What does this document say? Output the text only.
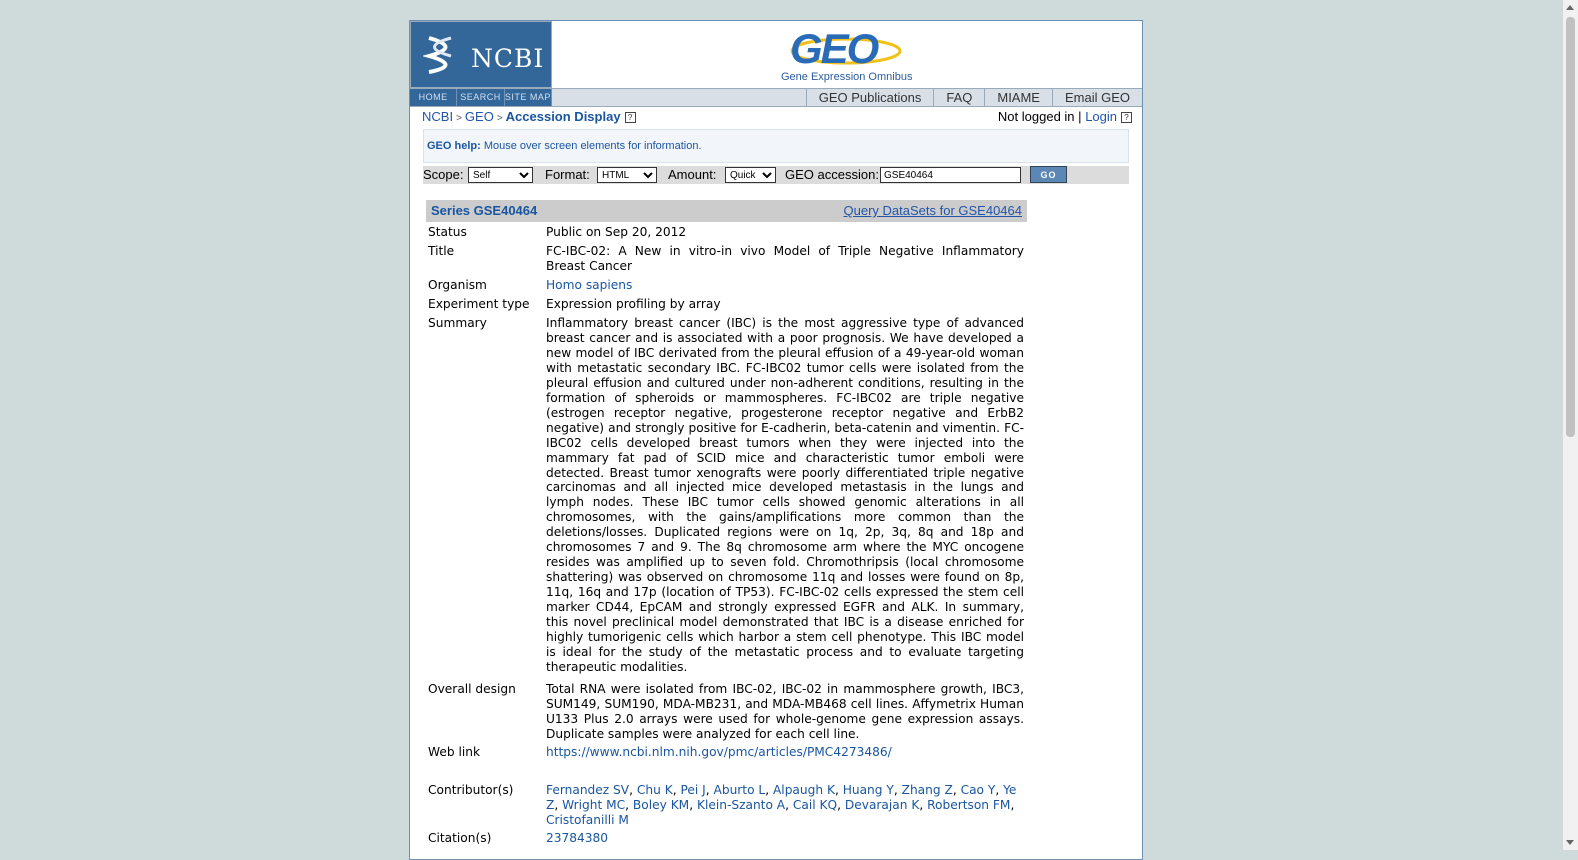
NCBI	GEO
Gene Expression Omnibus
HOME	SEARCH SITE MAP	GEO Publications	FAQ	MIAME	Email GEO
NCBI > GEO > Accession Display ?	Not logged in | Login ?
GEO help: Mouse over screen elements for information.
Scope:
Self	Format:
HTML	Amount:
Quick	GEO accession:
GSE40464	GO
Series GSE40464	Query DataSets for GSE40464
Status	Public on Sep 20, 2012
Title	FC-IBC-02: A New in vitro-in vivo Model of Triple Negative Inflammatory Breast Cancer
Organism	Homo sapiens
Experiment type	Expression profiling by array
Summary	Inflammatory breast cancer (IBC) is the most aggressive type of advanced breast cancer and is associated with a poor prognosis. We have developed a new model of IBC derivated from the pleural effusion of a 49-year-old woman with metastatic secondary IBC. FC-IBC02 tumor cells were isolated from the pleural effusion and cultured under non-adherent conditions, resulting in the formation of spheroids or mammospheres. FC-IBC02 are triple negative (estrogen receptor negative, progesterone receptor negative and ErbB2 negative) and strongly positive for E-cadherin, beta-catenin and vimentin. FC-IBC02 cells developed breast tumors when they were injected into the mammary fat pad of SCID mice and characteristic tumor emboli were detected. Breast tumor xenografts were poorly differentiated triple negative carcinomas and all injected mice developed metastasis in the lungs and lymph nodes. These IBC tumor cells showed genomic alterations in all chromosomes, with the gains/amplifications more common than the deletions/losses. Duplicated regions were on 1q, 2p, 3q, 8q and 18p and chromosomes 7 and 9. The 8q chromosome arm where the MYC oncogene resides was amplified up to seven fold. Chromothripsis (local chromosome shattering) was observed on chromosome 11q and losses were found on 8p, 11q, 16q and 17p (location of TP53). FC-IBC-02 cells expressed the stem cell marker CD44, EpCAM and strongly expressed EGFR and ALK. In summary, this novel preclinical model demonstrated that IBC is a disease enriched for highly tumorigenic cells which harbor a stem cell phenotype. This IBC model is ideal for the study of the metastatic process and to evaluate targeting therapeutic modalities.
Overall design	Total RNA were isolated from IBC-02, IBC-02 in mammosphere growth, IBC3, SUM149, SUM190, MDA-MB231, and MDA-MB468 cell lines. Affymetrix Human U133 Plus 2.0 arrays were used for whole-genome gene expression assays. Duplicate samples were analyzed for each cell line.
Web link	https://www.ncbi.nlm.nih.gov/pmc/articles/PMC4273486/
Contributor(s)	Fernandez SV, Chu K, Pei J, Aburto L, Alpaugh K, Huang Y, Zhang Z, Cao Y, Ye Z, Wright MC, Boley KM, Klein-Szanto A, Cail KQ, Devarajan K, Robertson FM, Cristofanilli M
Citation(s)	23784380
